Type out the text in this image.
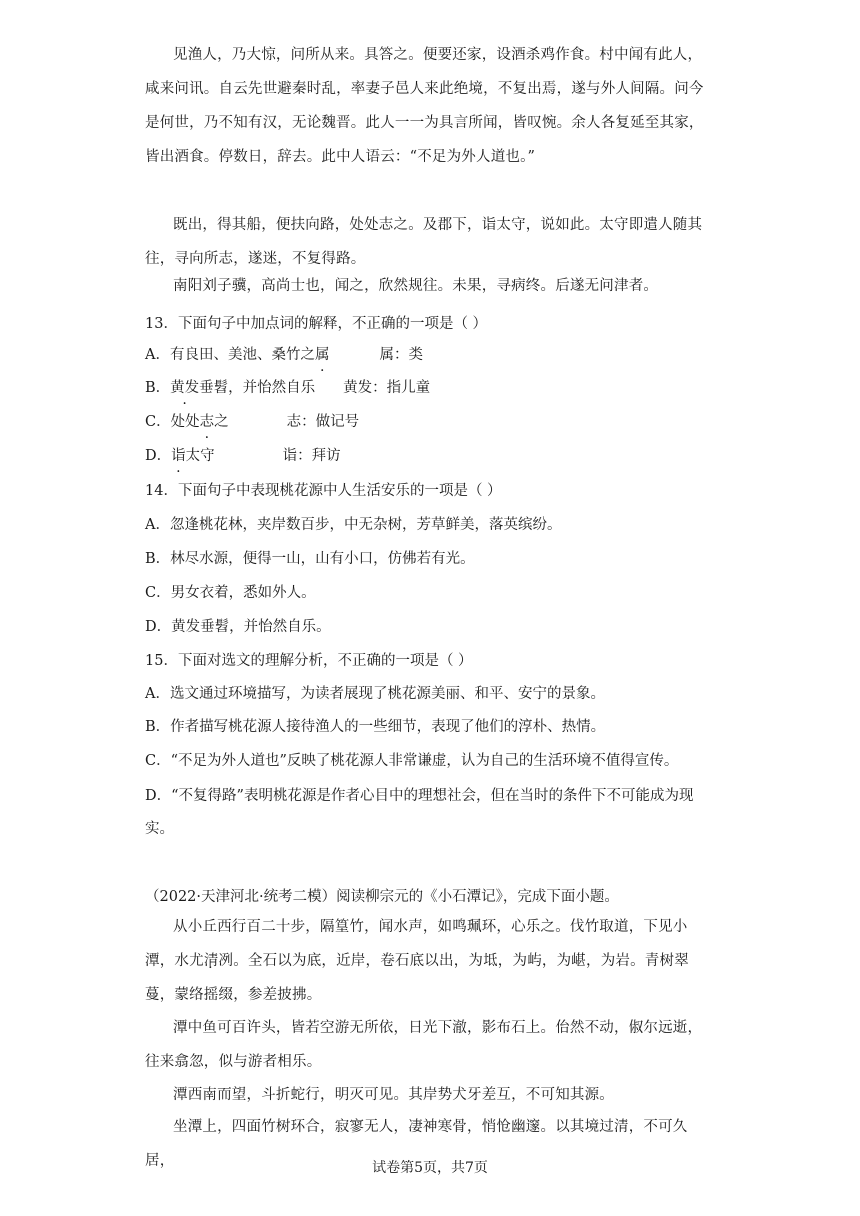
见渔人，乃大惊，问所从来。具答之。便要还家，设酒杀鸡作食。村中闻有此人，咸来问讯。自云先世避秦时乱，率妻子邑人来此绝境，不复出焉，遂与外人间隔。问今是何世，乃不知有汉，无论魏晋。此人一一为具言所闻，皆叹惋。余人各复延至其家，皆出酒食。停数日，辞去。此中人语云：“不足为外人道也。”
既出，得其船，便扶向路，处处志之。及郡下，诣太守，说如此。太守即遣人随其往，寻向所志，遂迷，不复得路。
南阳刘子骥，高尚士也，闻之，欣然规往。未果，寻病终。后遂无问津者。
13．下面句子中加点词的解释，不正确的一项是（ ）
A．有良田、美池、桑竹之属	属：类
B．黄发垂髫，并怡然自乐 黄发：指儿童
C．处处志之	志：做记号
D．诣太守	诣：拜访
14．下面句子中表现桃花源中人生活安乐的一项是（ ）
A．忽逢桃花林，夹岸数百步，中无杂树，芳草鲜美，落英缤纷。
B．林尽水源，便得一山，山有小口，仿佛若有光。
C．男女衣着，悉如外人。
D．黄发垂髫，并怡然自乐。
15．下面对选文的理解分析，不正确的一项是（ ）
A．选文通过环境描写，为读者展现了桃花源美丽、和平、安宁的景象。
B．作者描写桃花源人接待渔人的一些细节，表现了他们的淳朴、热情。
C．“不足为外人道也”反映了桃花源人非常谦虚，认为自己的生活环境不值得宣传。
D．“不复得路”表明桃花源是作者心目中的理想社会，但在当时的条件下不可能成为现
实。
（2022·天津河北·统考二模）阅读柳宗元的《小石潭记》，完成下面小题。
从小丘西行百二十步，隔篁竹，闻水声，如鸣珮环，心乐之。伐竹取道，下见小潭，水尤 .清冽。全石以为底，近岸，卷石底以出，为坻，为屿，为嵁，为岩。青树翠蔓，蒙络摇缀，参差披拂。
潭中鱼可百许头，皆若空游无所依，日光下澈，影布石上。佁然不动，俶尔远逝，往来翕忽，似与游者相乐。
潭西南而望，斗折蛇行，明灭可见。其岸势犬牙差互，不可知其源。
坐潭上，四面竹树环合，寂寥无人，凄神寒骨，悄怆幽邃。以其境过清，不可久居，	试卷第5页，共7页
